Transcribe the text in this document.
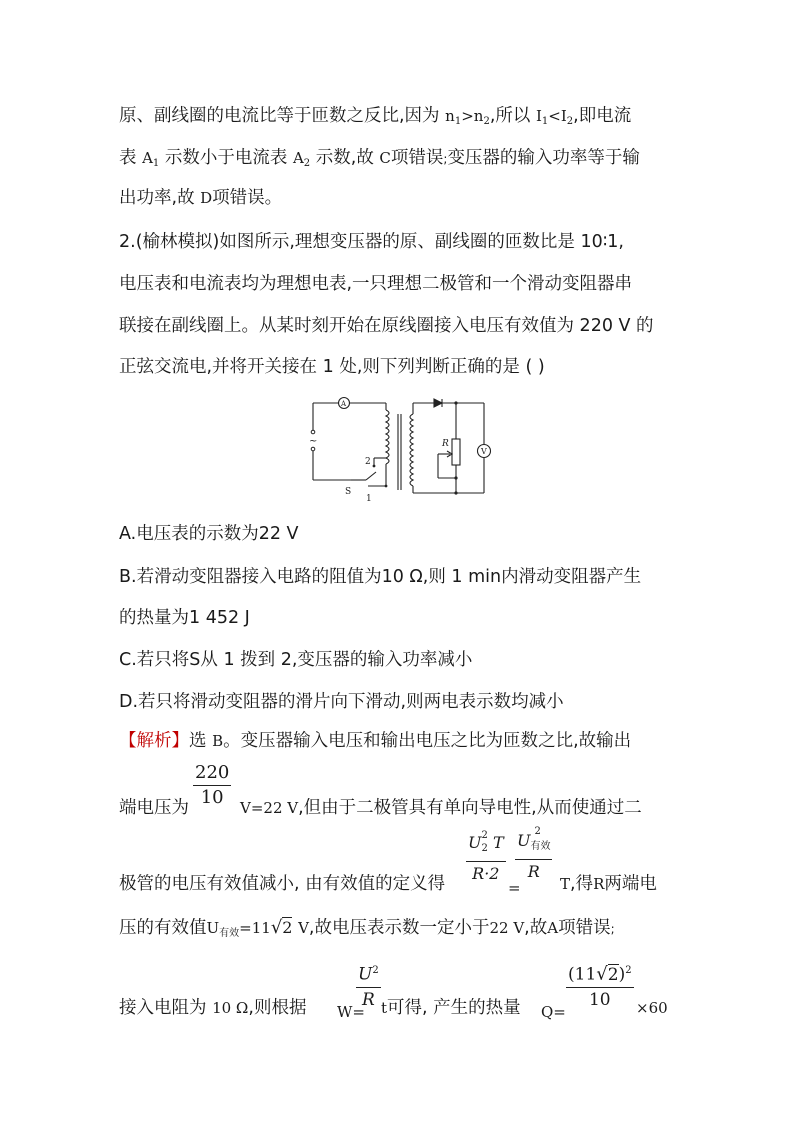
原、副线圈的电流比等于匝数之反比,因为 $n_1>n_2$,所以 $I_1<I_2$,即电流
表 $A_1$ 示数小于电流表 $A_2$ 示数,故 C项错误;变压器的输入功率等于输
出功率,故 D项错误。
2.(榆林模拟)如图所示,理想变压器的原、副线圈的匝数比是 10∶1,
电压表和电流表均为理想电表,一只理想二极管和一个滑动变阻器串
联接在副线圈上。从某时刻开始在原线圈接入电压有效值为 220 V 的
正弦交流电,并将开关接在 1 处,则下列判断正确的是 ( )
~
A
V
R
2
S
1
A.电压表的示数为22 V
B.若滑动变阻器接入电路的阻值为10 Ω,则 1 min内滑动变阻器产生
的热量为1 452 J
C.若只将S从 1 拨到 2,变压器的输入功率减小
D.若只将滑动变阻器的滑片向下滑动,则两电表示数均减小
【解析】选 B。变压器输入电压和输出电压之比为匝数之比,故输出
$\frac{220}{10}$
端电压为	V=22 V,但由于二极管具有单向导电性,从而使通过二
U 2
$_2$ T
R·2 U 2
$_{有效}$
R
极管的电压有效值减小, 由有效值的定义得	=	T,得R两端电
压的有效值$U_{有效}=11√2$ V,故电压表示数一定小于22 V,故A项错误;
$\frac{U^2}{R}$	$\frac{(11√2)^2}{10}$
接入电阻为 10 Ω,则根据 W= t可得, 产生的热量 Q=	×60
